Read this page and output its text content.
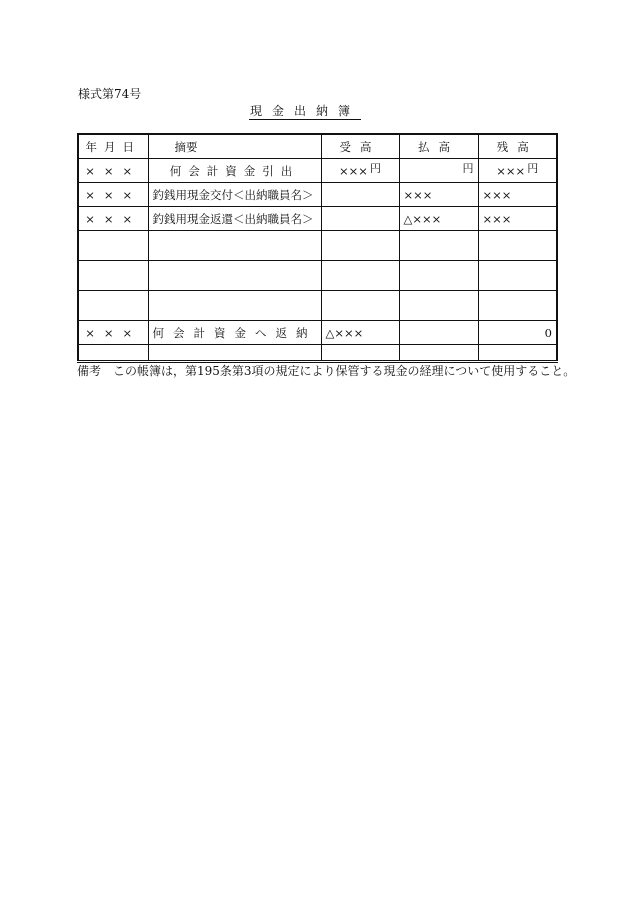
様式第74号
現金出納簿
年月日	摘要	受高	払高	残高
×××	何会計資金引出	××× 円	円	××× 円
×××	釣銭用現金交付＜出納職員名＞		×××	×××
×××	釣銭用現金返還＜出納職員名＞		△×××	×××

×××	何会計資金へ返納	△×××		0

備考　この帳簿は，第195条第3項の規定により保管する現金の経理について使用すること。
